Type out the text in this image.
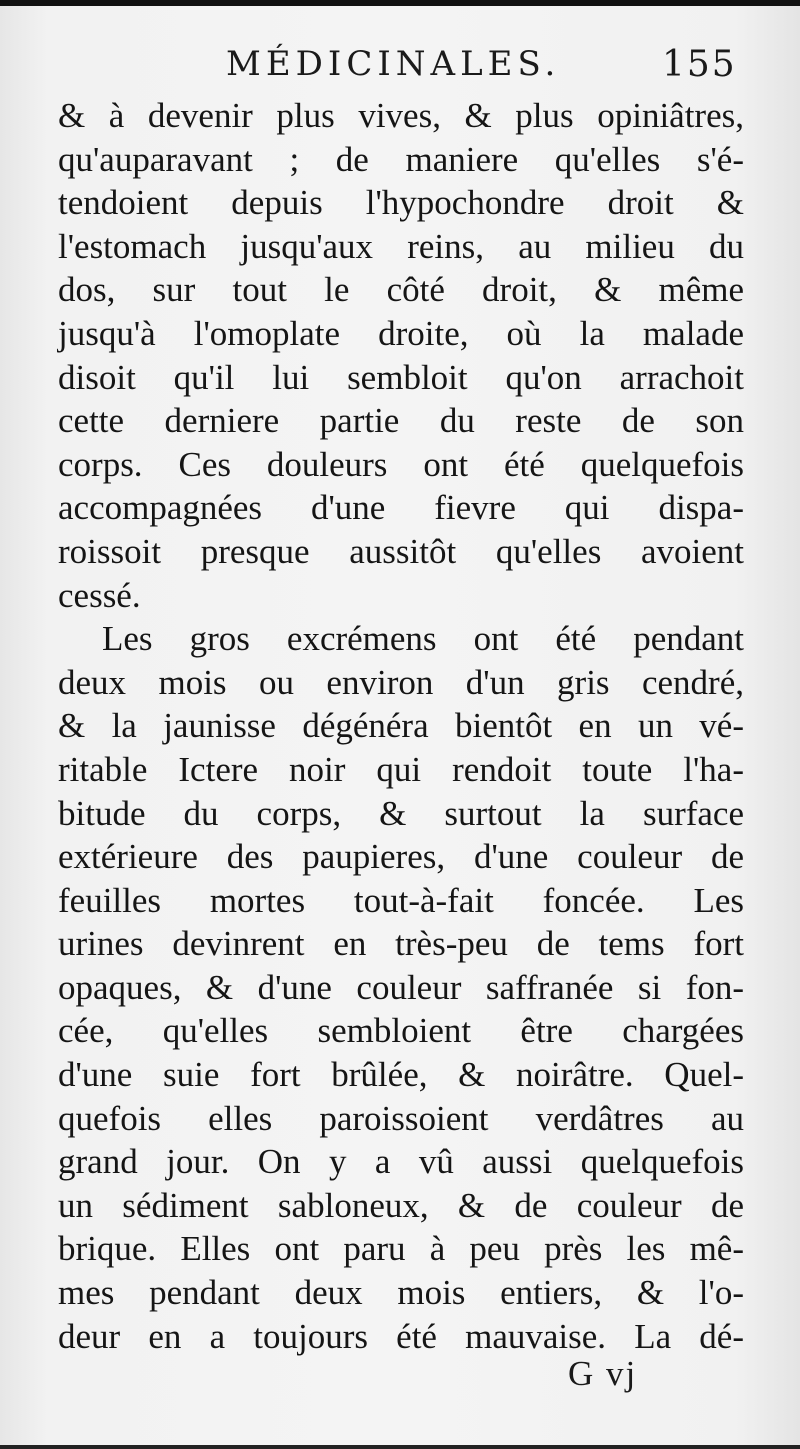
MÉDICINALES.	155
& à devenir plus vives, & plus opiniâtres,
qu'auparavant ; de maniere qu'elles s'é-
tendoient depuis l'hypochondre droit &
l'estomach jusqu'aux reins, au milieu du
dos, sur tout le côté droit, & même
jusqu'à l'omoplate droite, où la malade
disoit qu'il lui sembloit qu'on arrachoit
cette derniere partie du reste de son
corps. Ces douleurs ont été quelquefois
accompagnées d'une fievre qui dispa-
roissoit presque aussitôt qu'elles avoient
cessé.
Les gros excrémens ont été pendant
deux mois ou environ d'un gris cendré,
& la jaunisse dégénéra bientôt en un vé-
ritable Ictere noir qui rendoit toute l'ha-
bitude du corps, & surtout la surface
extérieure des paupieres, d'une couleur de
feuilles mortes tout-à-fait foncée. Les
urines devinrent en très-peu de tems fort
opaques, & d'une couleur saffranée si fon-
cée, qu'elles sembloient être chargées
d'une suie fort brûlée, & noirâtre. Quel-
quefois elles paroissoient verdâtres au
grand jour. On y a vû aussi quelquefois
un sédiment sabloneux, & de couleur de
brique. Elles ont paru à peu près les mê-
mes pendant deux mois entiers, & l'o-
deur en a toujours été mauvaise. La dé-
G vj
